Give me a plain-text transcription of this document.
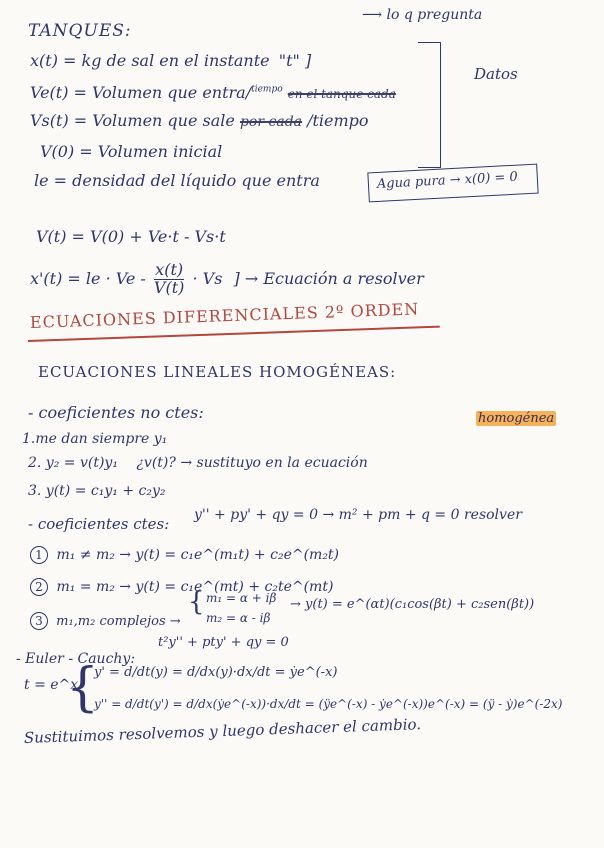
TANQUES:
x(t) = kg de sal en el instante "t" ]
⟶ lo q pregunta
Ve(t) = Volumen que entra/$^{tiempo}$ en el tanque cada
Vs(t) = Volumen que sale por cada /tiempo
V(0) = Volumen inicial
le = densidad del líquido que entra
Datos
Agua pura → x(0) = 0
V(t) = V(0) + Ve·t - Vs·t
x'(t) = le · $Ve - \frac{x(t)}{V(t)} \cdot Vs$ ] → Ecuación a resolver
ECUACIONES DIFERENCIALES 2º ORDEN
ECUACIONES LINEALES HOMOGÉNEAS:
- coeficientes no ctes:
1.me dan siempre y₁
2. y₂ = v(t)y₁ ¿v(t)? → sustituyo en la ecuación
homogénea
3. y(t) = c₁y₁ + c₂y₂
- coeficientes ctes: y'' + py' + qy = 0 → m² + pm + q = 0 resolver
1 m₁ ≠ m₂ → y(t) = c₁e^(m₁t) + c₂e^(m₂t)
2 m₁ = m₂ → y(t) = c₁e^(mt) + c₂te^(mt)
3 m₁,m₂ complejos →
{ m₁ = α + iβ
m₂ = α - iβ
→ y(t) = e^(αt)(c₁cos(βt) + c₂sen(βt))
- Euler - Cauchy:
t²y'' + pty' + qy = 0
t = e^x
{
y' = d/dt(y) = d/dx(y)·dx/dt = ẏe^(-x)
y'' = d/dt(y') = d/dx(ẏe^(-x))·dx/dt = (ÿe^(-x) - ẏe^(-x))e^(-x) = (ÿ - ẏ)e^(-2x)
Sustituimos resolvemos y luego deshacer el cambio.
